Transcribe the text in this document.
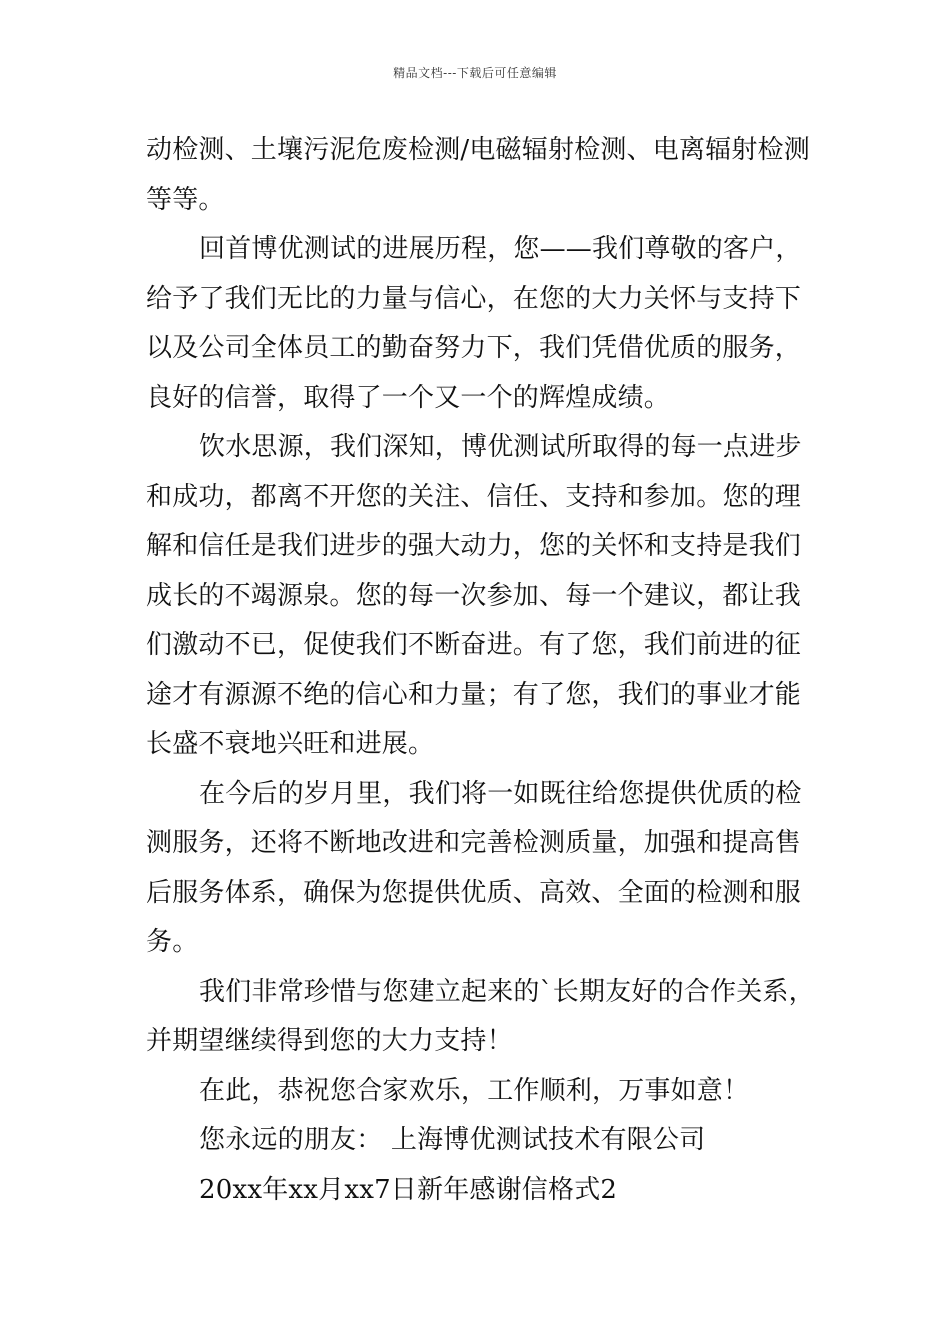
精品文档---下载后可任意编辑
动检测、土壤污泥危废检测/电磁辐射检测、电离辐射检测
等等。
回首博优测试的进展历程，您——我们尊敬的客户，
给予了我们无比的力量与信心，在您的大力关怀与支持下
以及公司全体员工的勤奋努力下，我们凭借优质的服务，
良好的信誉，取得了一个又一个的辉煌成绩。
饮水思源，我们深知，博优测试所取得的每一点进步
和成功，都离不开您的关注、信任、支持和参加。您的理
解和信任是我们进步的强大动力，您的关怀和支持是我们
成长的不竭源泉。您的每一次参加、每一个建议，都让我
们激动不已，促使我们不断奋进。有了您，我们前进的征
途才有源源不绝的信心和力量；有了您，我们的事业才能
长盛不衰地兴旺和进展。
在今后的岁月里，我们将一如既往给您提供优质的检
测服务，还将不断地改进和完善检测质量，加强和提高售
后服务体系，确保为您提供优质、高效、全面的检测和服
务。
我们非常珍惜与您建立起来的`长期友好的合作关系，
并期望继续得到您的大力支持！
在此，恭祝您合家欢乐，工作顺利，万事如意！
您永远的朋友： 上海博优测试技术有限公司
20xx年xx月xx7日新年感谢信格式2
